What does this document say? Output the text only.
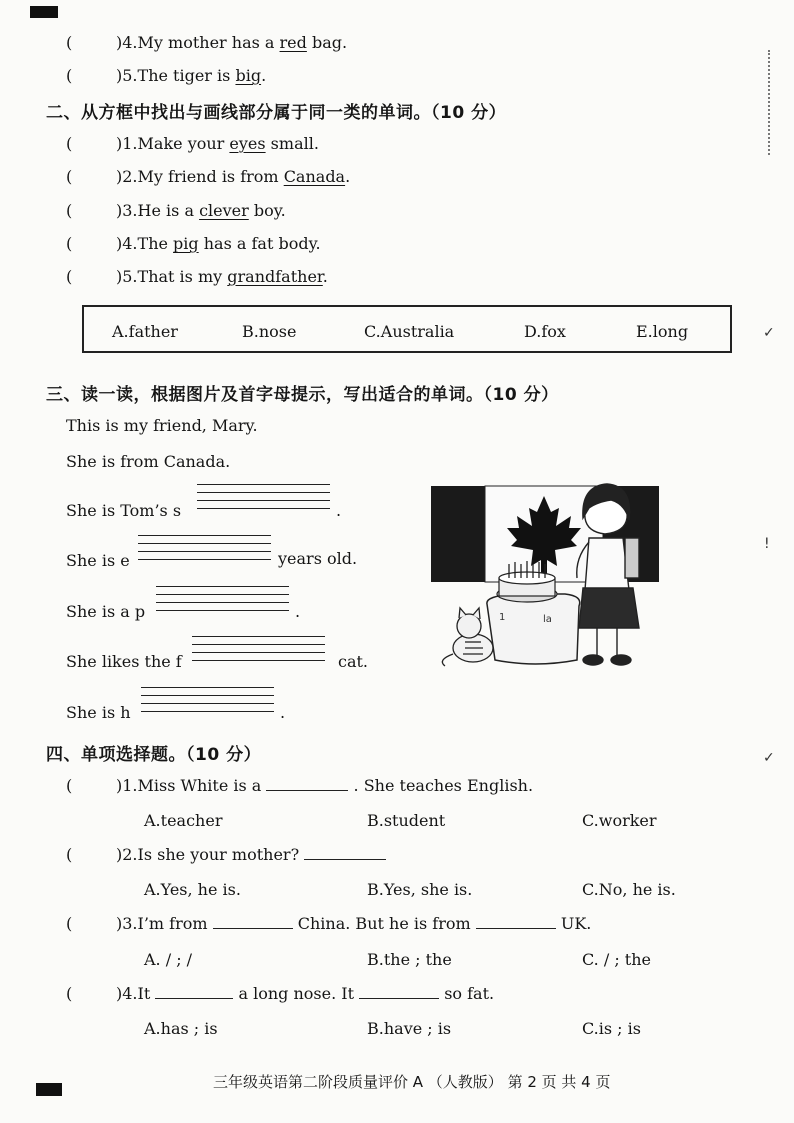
!
✓
✓
(	)4.My mother has a red bag.
(	)5.The tiger is big.
二、从方框中找出与画线部分属于同一类的单词。（10 分）
(	)1.Make your eyes small.
(	)2.My friend is from Canada.
(	)3.He is a clever boy.
(	)4.The pig has a fat body.
(	)5.That is my grandfather.
A.father	B.nose	C.Australia	D.fox	E.long
三、读一读，根据图片及首字母提示，写出适合的单词。（10 分）
This is my friend, Mary.
She is from Canada.
She is Tom’s s	.
She is e	years old.
She is a p	.
She likes the f	cat.
She is h	.
1	la
四、单项选择题。（10 分）
(	)1.Miss White is a	. She teaches English.
A.teacher	B.student	C.worker
(	)2.Is she your mother?
A.Yes, he is.	B.Yes, she is.	C.No, he is.
(	)3.I’m from	China. But he is from	UK.
A. / ; /	B.the ; the	C. / ; the
(	)4.It	a long nose. It	so fat.
A.has ; is	B.have ; is	C.is ; is
三年级英语第二阶段质量评价 A （人教版） 第 2 页 共 4 页
